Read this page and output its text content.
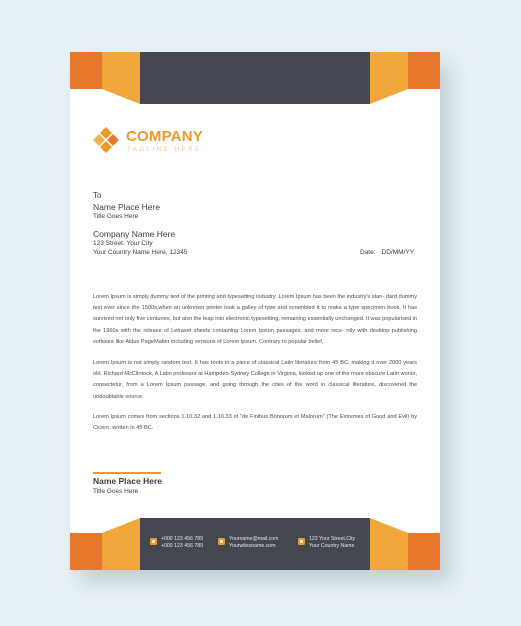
COMPANY
TAGLINE HERE
To
Name Place Here
Title Goes Here
Company Name Here
123 Street, Your City
Your Country Name Here, 12345	Date: DD/MM/YY

Lorem Ipsum is simply dummy text of the printing and typesetting industry. Lorem Ipsum has been the industry's stan- dard dummy text ever since the 1500s,when an unknown printer took a galley of type and scrambled it to make a type specimen book. It has survived not only five centuries, but also the leap into electronic typesetting, remaining essentially unchanged. It was popularised in the 1960s with the release of Letraset sheets containing Lorem Ipsum passages, and more rece- ntly with desktop publishing software like Aldus PageMaker including versions of Lorem Ipsum. Contrary to popular belief,

Lorem Ipsum is not simply random text. It has roots in a piece of classical Latin literature from 45 BC, making it over 2000 years old. Richard McClintock, A Latin professor at Hampden-Sydney College in Virginia, looked up one of the more obscure Latin words, consectetur, from a Lorem Ipsum passage, and going through the cites of the word in classical literature, discovered the undoubtable source.

Lorem Ipsum comes from sections 1.10.32 and 1.10.33 of "de Finibus Bonorum et Malorum" (The Extremes of Good and Evil) by Cicero, written in 45 BC.

Name Place Here
Title Goes Here
+000 123 456 789
+000 123 456 789
Yourname@mail.com
Yourwitesname.com
123 Your Street,City
Your Country Name
